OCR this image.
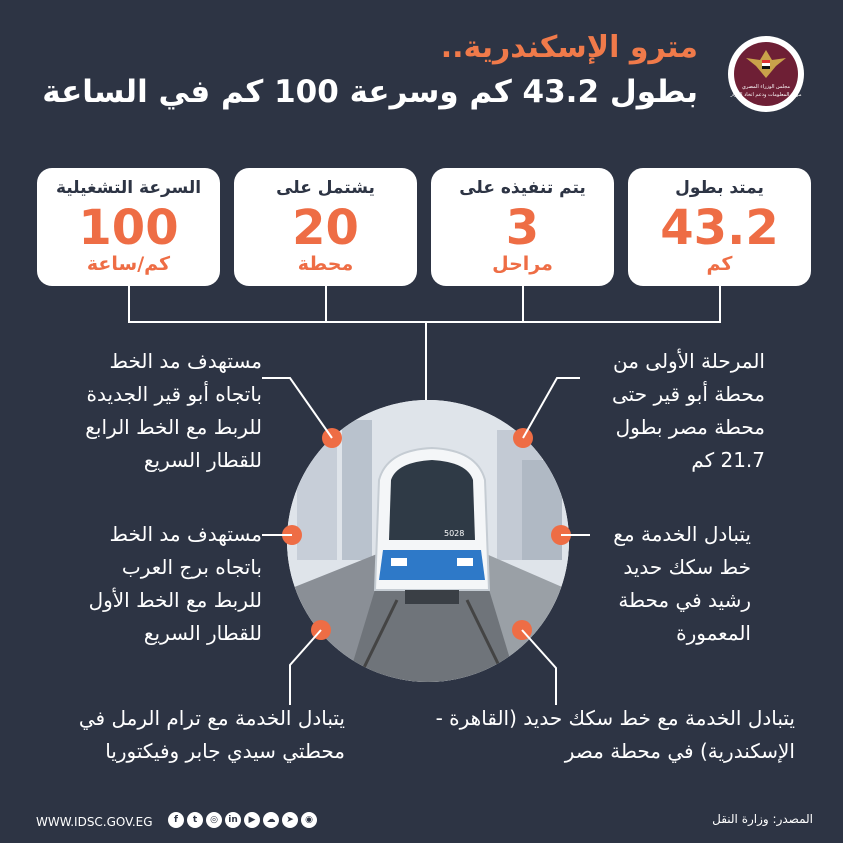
مترو الإسكندرية..
بطول 43.2 كم وسرعة 100 كم في الساعة	مجلس الوزراء المصري
مركز المعلومات ودعم اتخاذ القرار
يمتد بطول
43.2
كم
يتم تنفيذه على
3
مراحل
يشتمل على
20
محطة
السرعة التشغيلية
100
كم/ساعة
5028
المرحلة الأولى من محطة أبو قير حتى محطة مصر بطول 21.7 كم
يتبادل الخدمة مع خط سكك حديد رشيد في محطة المعمورة
يتبادل الخدمة مع خط سكك حديد (القاهرة - الإسكندرية) في محطة مصر
مستهدف مد الخط باتجاه أبو قير الجديدة للربط مع الخط الرابع للقطار السريع
مستهدف مد الخط باتجاه برج العرب للربط مع الخط الأول للقطار السريع
يتبادل الخدمة مع ترام الرمل في محطتي سيدي جابر وفيكتوريا
WWW.IDSC.GOV.EG	f	t	◎	in	▶	☁	➤	◉	المصدر: وزارة النقل
